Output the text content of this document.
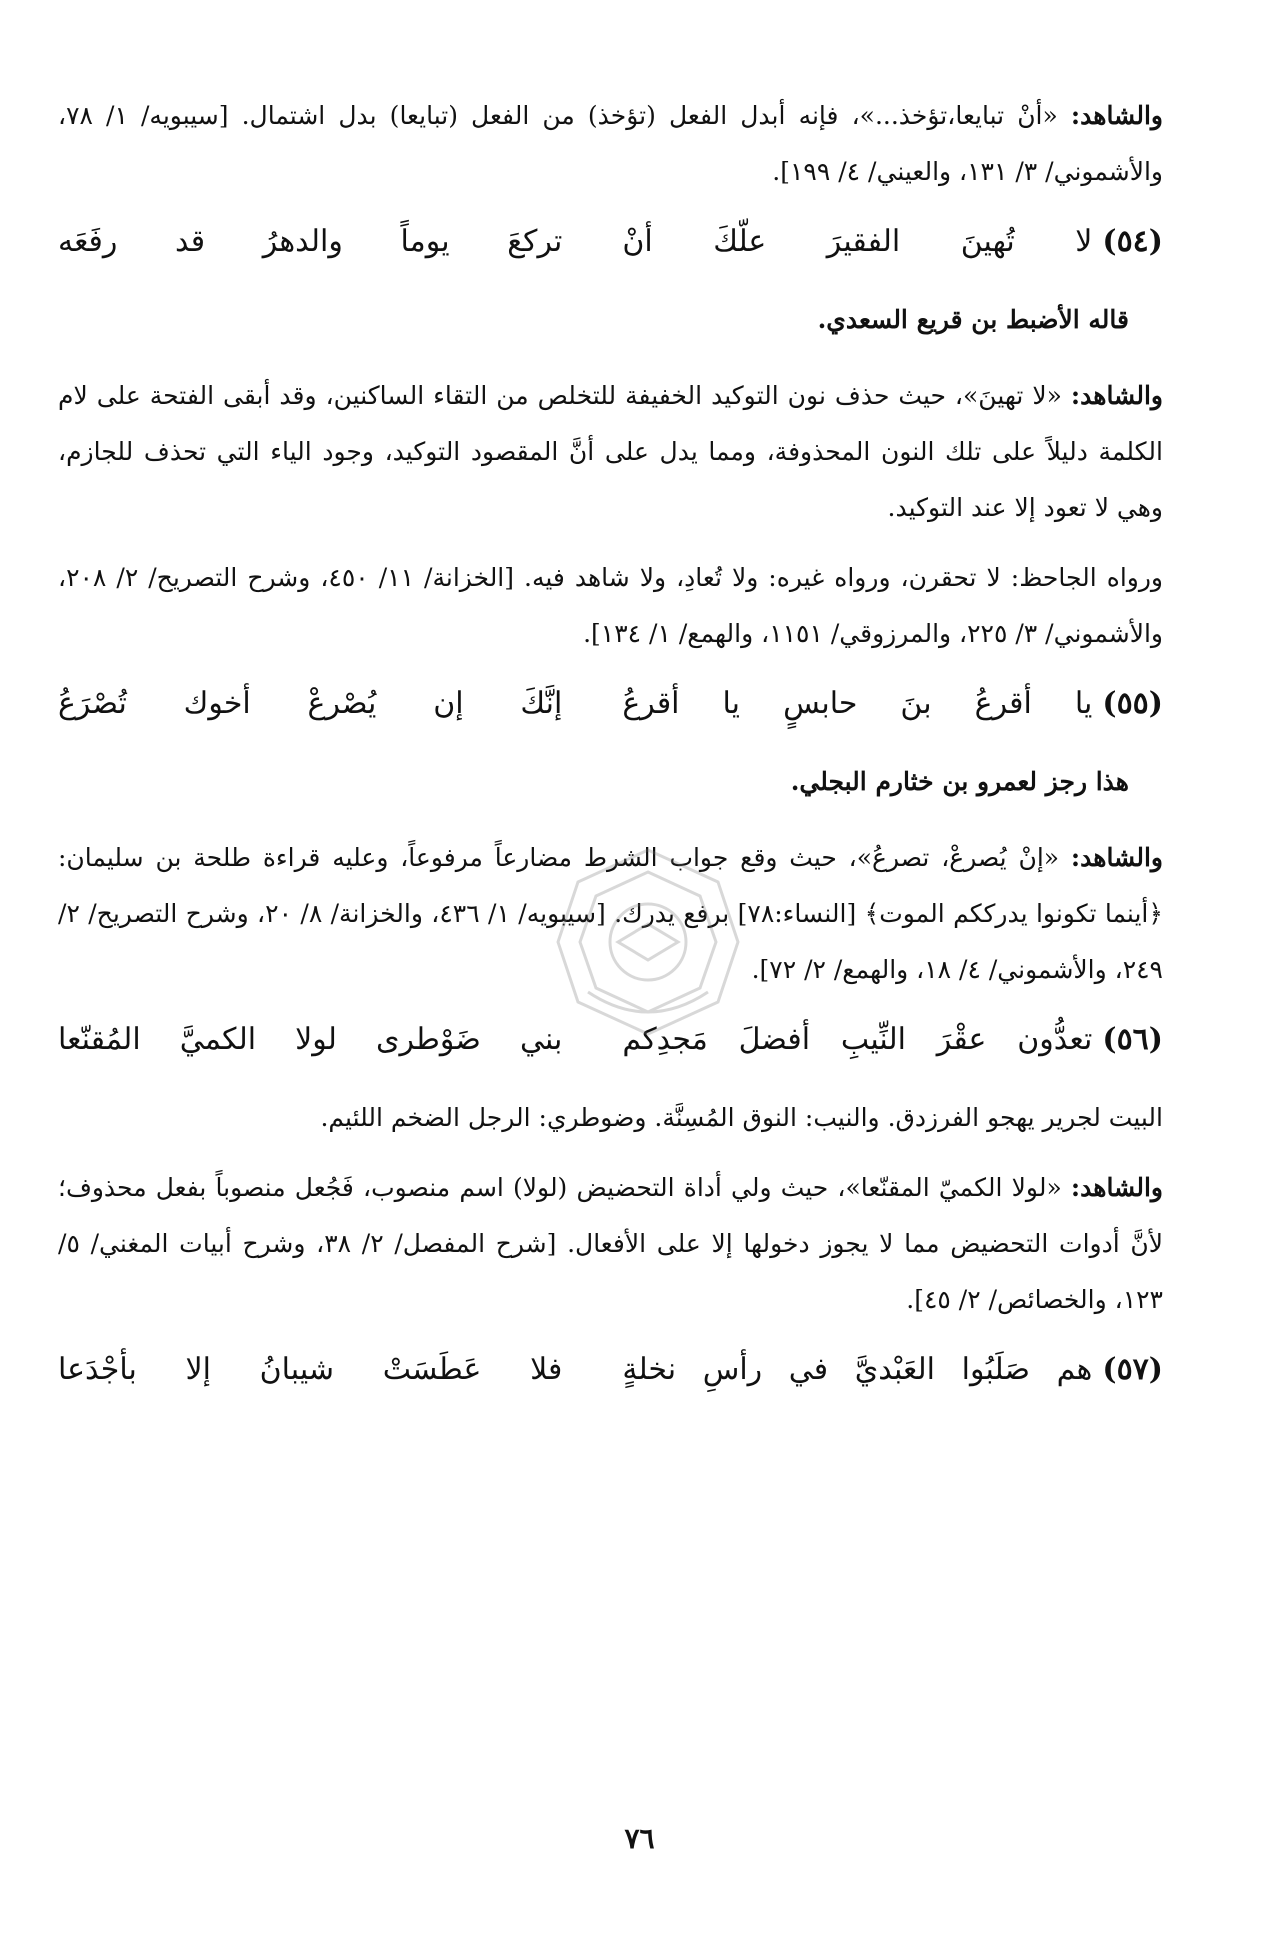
والشاهد: «أنْ تبايعا،تؤخذ...»، فإنه أبدل الفعل (تؤخذ) من الفعل (تبايعا) بدل اشتمال. [سيبويه/ ١/ ٧٨، والأشموني/ ٣/ ١٣١، والعيني/ ٤/ ١٩٩].

(٥٤)
لا تُهينَ الفقيرَ علّكَ أنْ
تركعَ يوماً والدهرُ قد رفَعَه
قاله الأضبط بن قريع السعدي.

والشاهد: «لا تهينَ»، حيث حذف نون التوكيد الخفيفة للتخلص من التقاء الساكنين، وقد أبقى الفتحة على لام الكلمة دليلاً على تلك النون المحذوفة، ومما يدل على أنَّ المقصود التوكيد، وجود الياء التي تحذف للجازم، وهي لا تعود إلا عند التوكيد.

ورواه الجاحظ: لا تحقرن، ورواه غيره: ولا تُعادِ، ولا شاهد فيه. [الخزانة/ ١١/ ٤٥٠، وشرح التصريح/ ٢/ ٢٠٨، والأشموني/ ٣/ ٢٢٥، والمرزوقي/ ١١٥١، والهمع/ ١/ ١٣٤].

(٥٥)
يا أقرعُ بنَ حابسٍ يا أقرعُ
إنَّكَ إن يُصْرعْ أخوك تُصْرَعُ
هذا رجز لعمرو بن خثارم البجلي.

والشاهد: «إنْ يُصرعْ، تصرعُ»، حيث وقع جواب الشرط مضارعاً مرفوعاً، وعليه قراءة طلحة بن سليمان: ﴿أينما تكونوا يدرككم الموت﴾ [النساء:٧٨] برفع يدرك. [سيبويه/ ١/ ٤٣٦، والخزانة/ ٨/ ٢٠، وشرح التصريح/ ٢/ ٢٤٩، والأشموني/ ٤/ ١٨، والهمع/ ٢/ ٧٢].

(٥٦)
تعدُّون عقْرَ النِّيبِ أفضلَ مَجدِكم
بني ضَوْطرى لولا الكميَّ المُقنّعا

البيت لجرير يهجو الفرزدق. والنيب: النوق المُسِنَّة. وضوطري: الرجل الضخم اللئيم.

والشاهد: «لولا الكميّ المقنّعا»، حيث ولي أداة التحضيض (لولا) اسم منصوب، فَجُعل منصوباً بفعل محذوف؛ لأنَّ أدوات التحضيض مما لا يجوز دخولها إلا على الأفعال. [شرح المفصل/ ٢/ ٣٨، وشرح أبيات المغني/ ٥/ ١٢٣، والخصائص/ ٢/ ٤٥].

(٥٧)
هم صَلَبُوا العَبْديَّ في رأسِ نخلةٍ
فلا عَطَسَتْ شيبانُ إلا بأجْدَعا
٧٦
